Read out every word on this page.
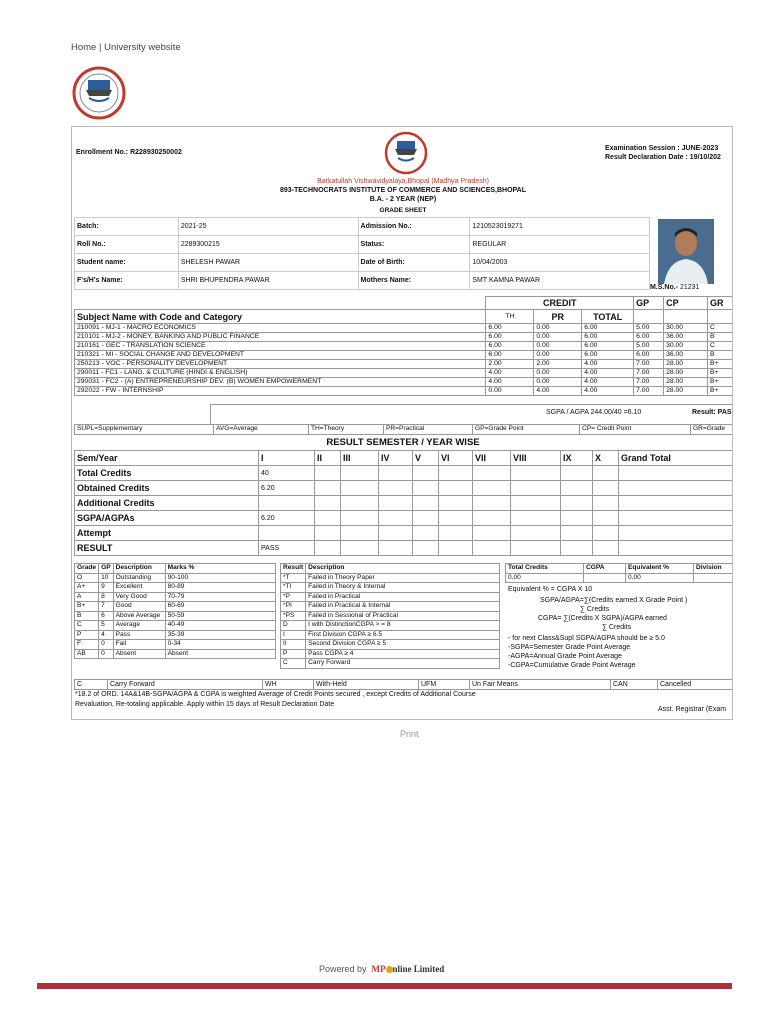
Home | University website
Enrollment No.: R228930250002
Examination Session : JUNE-2023
Result Declaration Date : 19/10/202
Barkatullah Vishwavidyalaya,Bhopal (Madhya Pradesh)
893-TECHNOCRATS INSTITUTE OF COMMERCE AND SCIENCES,BHOPAL
B.A. - 2 YEAR (NEP)
GRADE SHEET
Batch:	2021-25	Admission No.:	1210523019271
Roll No.:	2289300215	Status:	REGULAR
Student name:	SHELESH PAWAR	Date of Birth:	10/04/2003
F's/H's Name:	SHRI BHUPENDRA PAWAR	Mothers Name:	SMT KAMNA PAWAR
M.S.No.- 21231
	CREDIT			GP	CP	GR
Subject Name with Code and Category	TH	PR	TOTAL			
210091 - MJ-1 - MACRO ECONOMICS	6.00	0.00	6.00	5.00	30.00	C
210101 - MJ-2 - MONEY, BANKING AND PUBLIC FINANCE	6.00	0.00	6.00	6.00	36.00	B
210161 - GEC - TRANSLATION SCIENCE	6.00	0.00	6.00	5.00	30.00	C
210321 - MI - SOCIAL CHANGE AND DEVELOPMENT	6.00	0.00	6.00	6.00	36.00	B
250213 - VOC - PERSONALITY DEVELOPMENT	2.00	2.00	4.00	7.00	28.00	B+
290011 - FC1 - LANG. & CULTURE (HINDI & ENGLISH)	4.00	0.00	4.00	7.00	28.00	B+
290031 - FC2 - (A) ENTREPRENEURSHIP DEV. (B) WOMEN EMPOWERMENT	4.00	0.00	4.00	7.00	28.00	B+
292022 - FW - INTERNSHIP	0.00	4.00	4.00	7.00	28.00	B+
SGPA / AGPA 244.00/40 =6.10	Result: PAS
SUPL=Supplementary	AVG=Average	TH=Theory	PR=Practical	GP=Grade Point	CP= Credit Point	GR=Grade
RESULT SEMESTER / YEAR WISE
Sem/Year	I	II	III	IV	V	VI	VII	VIII	IX	X	Grand Total
Total Credits	40										
Obtained Credits	6.20										
Additional Credits											
SGPA/AGPAs	6.20										
Attempt											
RESULT	PASS										
Grade	GP	Description	Marks %
O	10	Outstanding	90-100
A+	9	Excellent	80-89
A	8	Very Good	70-79
B+	7	Good	60-69
B	6	Above Average	50-59
C	5	Average	40-49
P	4	Pass	35-39
F	0	Fail	0-34
AB	0	Absent	Absent
Result	Description
*T	Failed in Theory Paper
*TI	Failed in Theory & Internal
*P	Failed in Practical
*PI	Failed in Practical & Internal
*PS	Failed in Sessional of Practical
D	I with DistinctionCGPA > = 8
I	First Division CGPA ≥ 6.5
II	Second Division CGPA ≥ 5
P	Pass CGPA ≥ 4
C	Carry Forward
Total Credits	CGPA	Equivalent %	Division
0.00		0.00	
Equivalent % = CGPA X 10
SGPA/AGPA=∑(Credits earned X Grade Point )
∑ Credits
CGPA= ∑(Credits X SGPA)/AGPA earned
∑ Credits
- for next Class&Supl SGPA/AGPA should be ≥ 5.0
-SGPA=Semester Grade Point Average
-AGPA=Annual Grade Point Average
-CGPA=Cumulative Grade Point Average
C	Carry Forward	WH	With-Held	UFM	Un Fair Means	CAN	Cancelled
*18.2 of ORD. 14A&14B-SGPA/AGPA & CGPA is weighted Average of Credit Points secured , except Credits of Additional Course
Revaluation, Re-totaling applicable. Apply within 15 days of Result Declaration Date
Asst. Registrar (Exam
Print
Powered by MP nline Limited
